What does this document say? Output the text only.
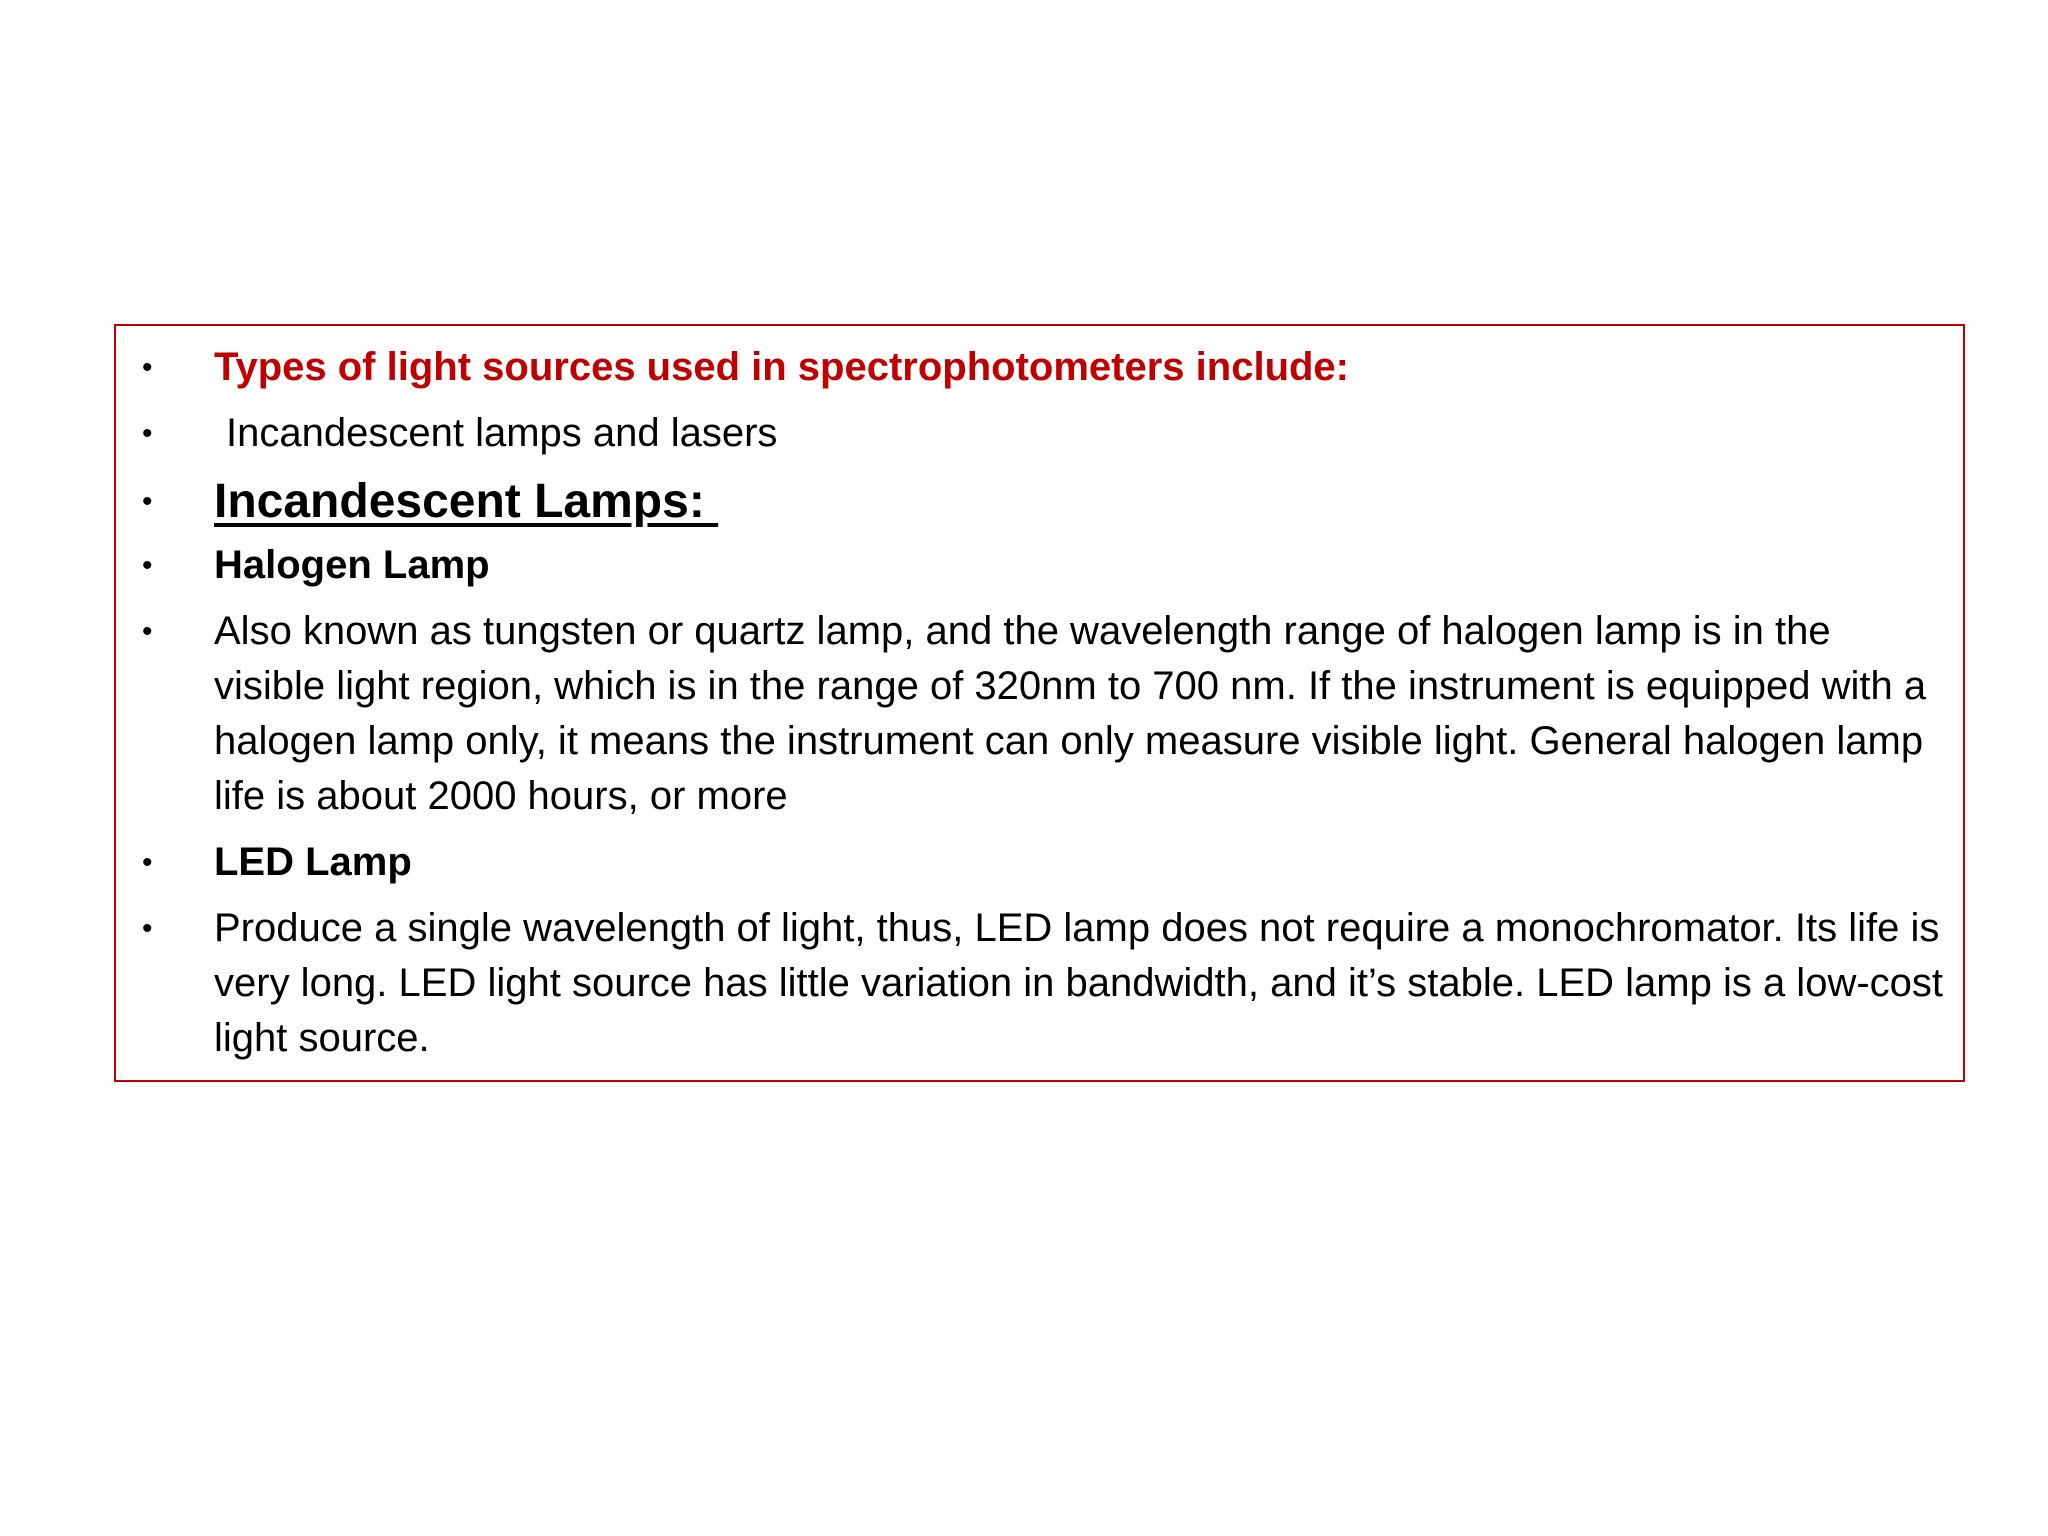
• Types of light sources used in spectrophotometers include:
•	Incandescent lamps and lasers
• Incandescent Lamps:
• Halogen Lamp
• Also known as tungsten or quartz lamp, and the wavelength range of halogen lamp is in the visible light region, which is in the range of 320nm to 700 nm. If the instrument is equipped with a halogen lamp only, it means the instrument can only measure visible light. General halogen lamp life is about 2000 hours, or more
• LED Lamp
• Produce a single wavelength of light, thus, LED lamp does not require a monochromator. Its life is very long. LED light source has little variation in bandwidth, and it’s stable. LED lamp is a low-cost light source.
